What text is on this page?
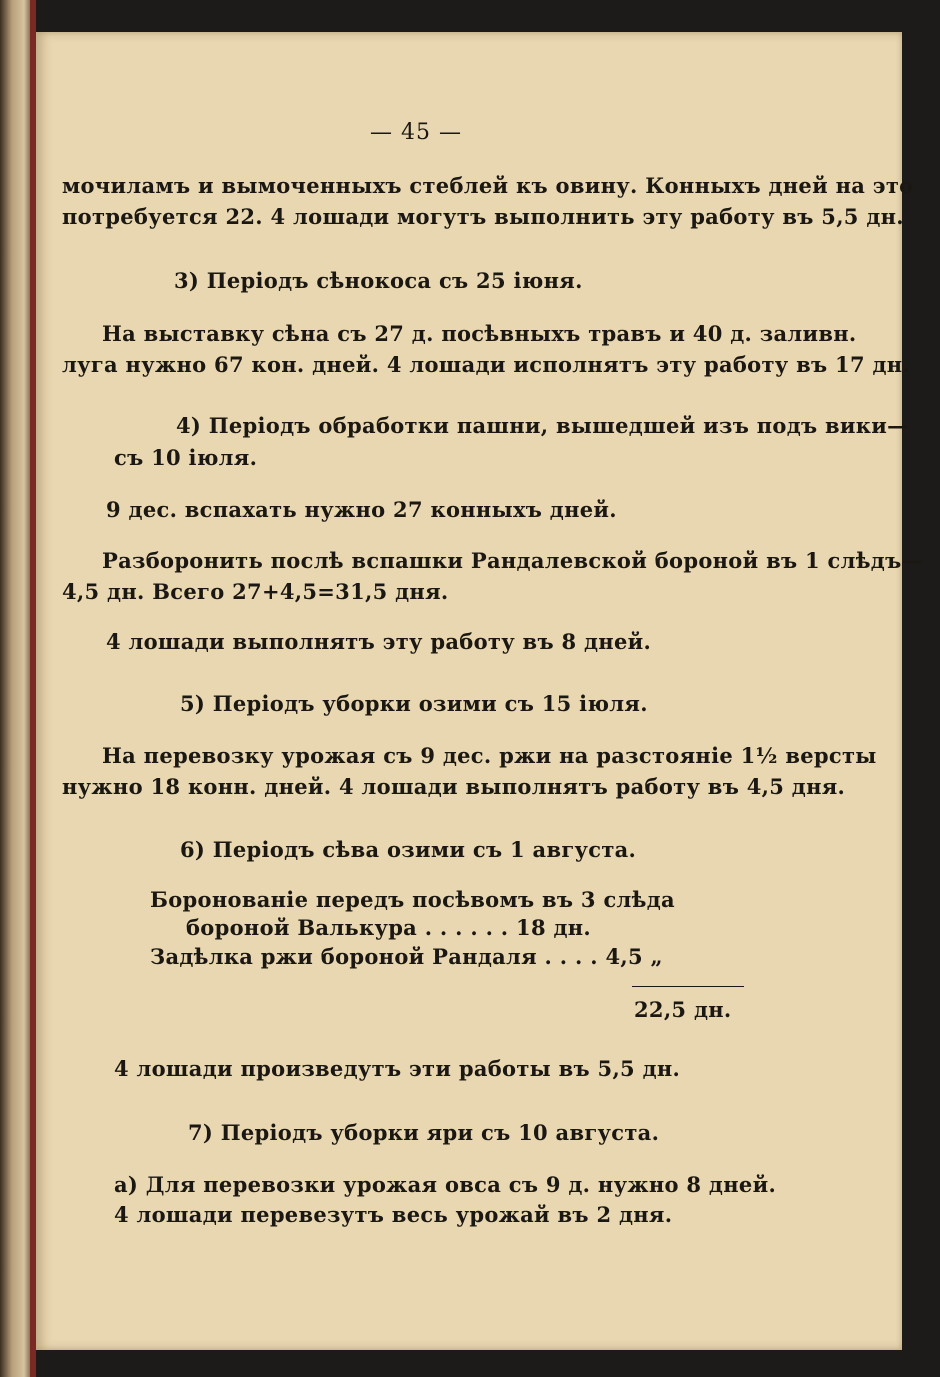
— 45 —
мочиламъ и вымоченныхъ стеблей къ овину. Конныхъ дней на это
потребуется 22. 4 лошади могутъ выполнить эту работу въ 5,5 дн.
3) Періодъ сѣнокоса съ 25 іюня.
На выставку сѣна съ 27 д. посѣвныхъ травъ и 40 д. заливн.
луга нужно 67 кон. дней. 4 лошади исполнятъ эту работу въ 17 дн.
4) Періодъ обработки пашни, вышедшей изъ подъ вики—
съ 10 іюля.
9 дес. вспахать нужно 27 конныхъ дней.
Разборонить послѣ вспашки Рандалевской бороной въ 1 слѣдъ—
4,5 дн. Всего 27+4,5=31,5 дня.
4 лошади выполнятъ эту работу въ 8 дней.
5) Періодъ уборки озими съ 15 іюля.
На перевозку урожая съ 9 дес. ржи на разстояніе 1½ версты
нужно 18 конн. дней. 4 лошади выполнятъ работу въ 4,5 дня.
6) Періодъ сѣва озими съ 1 августа.
Боронованіе передъ посѣвомъ въ 3 слѣда
бороной Валькура . . . . . . 18 дн.
Задѣлка ржи бороной Рандаля . . . . 4,5 „
22,5 дн.
4 лошади произведутъ эти работы въ 5,5 дн.
7) Періодъ уборки яри съ 10 августа.
а) Для перевозки урожая овса съ 9 д. нужно 8 дней.
4 лошади перевезутъ весь урожай въ 2 дня.
